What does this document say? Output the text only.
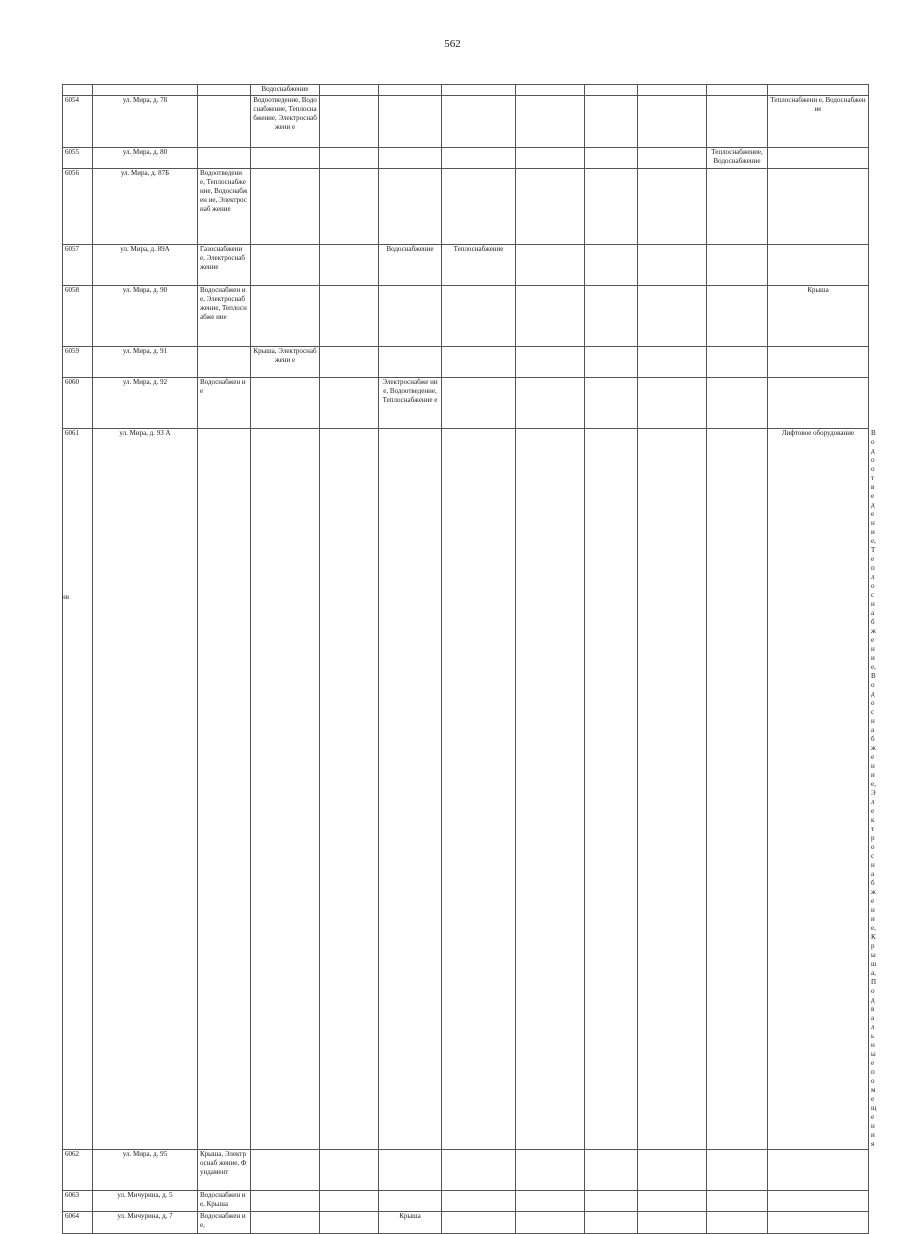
562
			Водоснабжение									
6054	ул. Мира, д. 78		Водоотведение, Водоснабжение, Теплоснабжение, Электроснабжени е								Теплоснабжени е, Водоснабжение	
6055	ул. Мира, д. 80									Теплоснабжение, Водоснабжение		
6056	ул. Мира, д. 87Б	Водоотведени е, Теплоснабже ние, Водоснабжен ие, Электроснаб жение										
6057	ул. Мира, д. 89А	Газоснабжени е, Электроснаб жение			Водоснабжение	Теплоснабжение						
6058	ул. Мира, д. 90	Водоснабжен ие, Электроснаб жение, Теплоснабже ние									Крыша	
6059	ул. Мира, д. 91		Крыша, Электроснабжени е									
6060	ул. Мира, д. 92	Водоснабжен ие			Электроснабже ние, Водоотведение, Теплоснабжение е							
6061	ул. Мира, д. 93 А										Лифтовое оборудование	Водоотведение, Теплоснабжение, Водоснабжение, Электроснабжение, Крыша, Подвальные помещения
6062	ул. Мира, д. 95	Крыша, Электроснаб жение, Фундамент										
6063	ул. Мичурина, д. 5	Водоснабжен ие, Крыша										
6064	ул. Мичурина, д. 7	Водоснабжен ие,			Крыша							
нв
